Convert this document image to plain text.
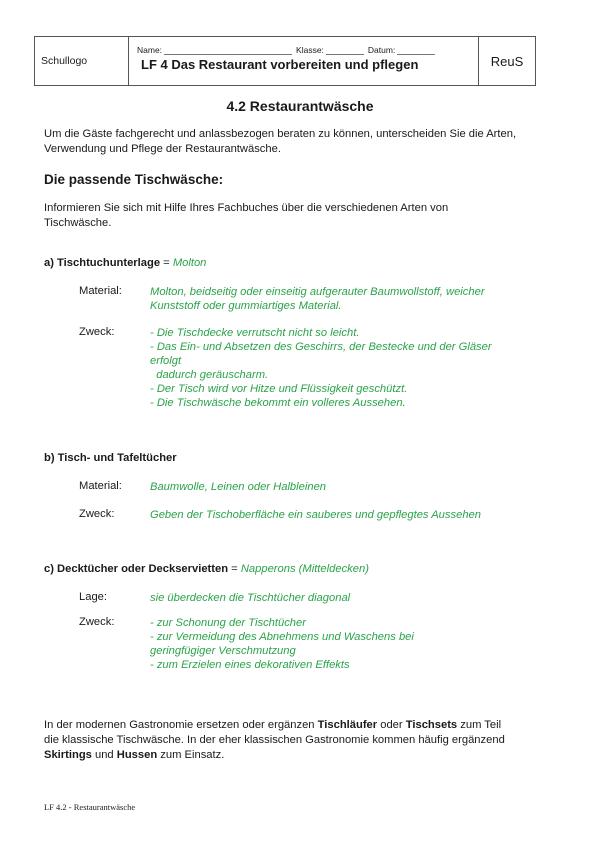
Schullogo
Name:	Klasse:	Datum:
LF 4 Das Restaurant vorbereiten und pflegen	ReuS
4.2 Restaurantwäsche
Um die Gäste fachgerecht und anlassbezogen beraten zu können, unterscheiden Sie die Arten,
Verwendung und Pflege der Restaurantwäsche.
Die passende Tischwäsche:
Informieren Sie sich mit Hilfe Ihres Fachbuches über die verschiedenen Arten von
Tischwäsche.
a) Tischtuchunterlage = Molton
Material:	Molton, beidseitig oder einseitig aufgerauter Baumwollstoff, weicher
Kunststoff oder gummiartiges Material.
Zweck:	- Die Tischdecke verrutscht nicht so leicht.
- Das Ein- und Absetzen des Geschirrs, der Bestecke und der Gläser
erfolgt
dadurch geräuscharm.
- Der Tisch wird vor Hitze und Flüssigkeit geschützt.
- Die Tischwäsche bekommt ein volleres Aussehen.
b) Tisch- und Tafeltücher
Material:	Baumwolle, Leinen oder Halbleinen
Zweck:	Geben der Tischoberfläche ein sauberes und gepflegtes Aussehen
c) Decktücher oder Deckservietten = Napperons (Mitteldecken)
Lage:	sie überdecken die Tischtücher diagonal
Zweck:	- zur Schonung der Tischtücher
- zur Vermeidung des Abnehmens und Waschens bei
geringfügiger Verschmutzung
- zum Erzielen eines dekorativen Effekts
In der modernen Gastronomie ersetzen oder ergänzen Tischläufer oder Tischsets zum Teil
die klassische Tischwäsche. In der eher klassischen Gastronomie kommen häufig ergänzend
Skirtings und Hussen zum Einsatz.
LF 4.2 - Restaurantwäsche
